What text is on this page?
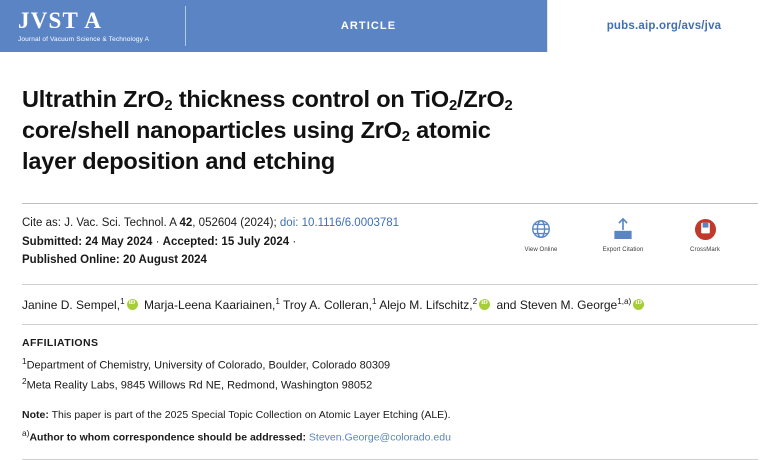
JVST A
Journal of Vacuum Science & Technology A
ARTICLE	pubs.aip.org/avs/jva
Ultrathin ZrO$_2$ thickness control on TiO$_2$/ZrO$_2$
core/shell nanoparticles using ZrO$_2$ atomic
layer deposition and etching
Cite as: J. Vac. Sci. Technol. A 42, 052604 (2024); doi: 10.1116/6.0003781
Submitted: 24 May 2024 · Accepted: 15 July 2024 ·
Published Online: 20 August 2024
View Online	Export Citation	CrossMark
Janine D. Sempel,$^1$ iD Marja-Leena Kaariainen,$^1$ Troy A. Colleran,$^1$ Alejo M. Lifschitz,$^2$ iD and Steven M. George$^{1,a)}$iD
AFFILIATIONS
$^1$Department of Chemistry, University of Colorado, Boulder, Colorado 80309
$^2$Meta Reality Labs, 9845 Willows Rd NE, Redmond, Washington 98052
Note: This paper is part of the 2025 Special Topic Collection on Atomic Layer Etching (ALE).
$^{a)}$Author to whom correspondence should be addressed: Steven.George@colorado.edu
